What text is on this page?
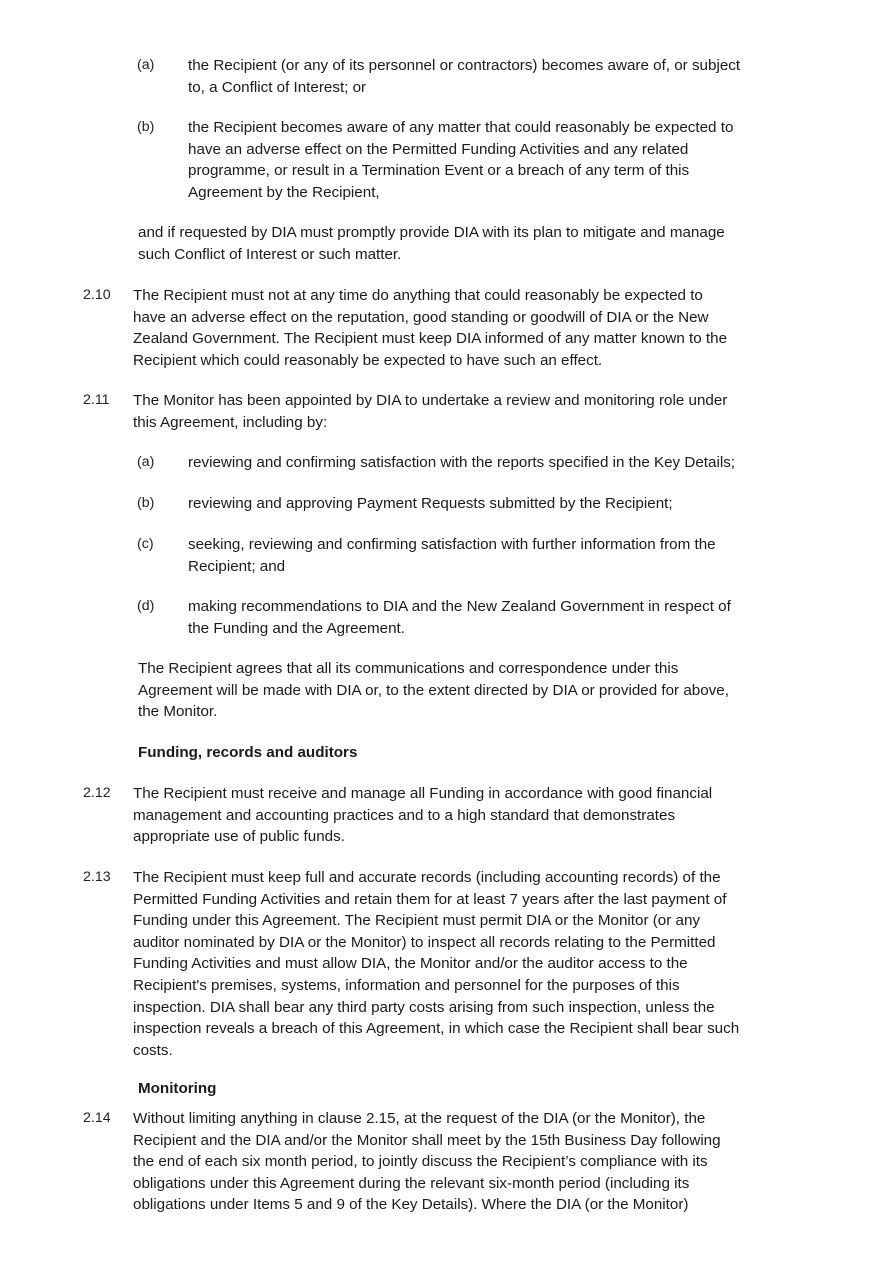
(a) the Recipient (or any of its personnel or contractors) becomes aware of, or subject
to, a Conflict of Interest; or
(b) the Recipient becomes aware of any matter that could reasonably be expected to
have an adverse effect on the Permitted Funding Activities and any related
programme, or result in a Termination Event or a breach of any term of this
Agreement by the Recipient,
and if requested by DIA must promptly provide DIA with its plan to mitigate and manage
such Conflict of Interest or such matter.
2.10 The Recipient must not at any time do anything that could reasonably be expected to
have an adverse effect on the reputation, good standing or goodwill of DIA or the New
Zealand Government. The Recipient must keep DIA informed of any matter known to the
Recipient which could reasonably be expected to have such an effect.
2.11 The Monitor has been appointed by DIA to undertake a review and monitoring role under
this Agreement, including by:
(a) reviewing and confirming satisfaction with the reports specified in the Key Details;
(b) reviewing and approving Payment Requests submitted by the Recipient;
(c) seeking, reviewing and confirming satisfaction with further information from the
Recipient; and
(d) making recommendations to DIA and the New Zealand Government in respect of
the Funding and the Agreement.
The Recipient agrees that all its communications and correspondence under this
Agreement will be made with DIA or, to the extent directed by DIA or provided for above,
the Monitor.
Funding, records and auditors
2.12 The Recipient must receive and manage all Funding in accordance with good financial
management and accounting practices and to a high standard that demonstrates
appropriate use of public funds.
2.13 The Recipient must keep full and accurate records (including accounting records) of the
Permitted Funding Activities and retain them for at least 7 years after the last payment of
Funding under this Agreement. The Recipient must permit DIA or the Monitor (or any
auditor nominated by DIA or the Monitor) to inspect all records relating to the Permitted
Funding Activities and must allow DIA, the Monitor and/or the auditor access to the
Recipient's premises, systems, information and personnel for the purposes of this
inspection. DIA shall bear any third party costs arising from such inspection, unless the
inspection reveals a breach of this Agreement, in which case the Recipient shall bear such
costs.
Monitoring
2.14 Without limiting anything in clause 2.15, at the request of the DIA (or the Monitor), the
Recipient and the DIA and/or the Monitor shall meet by the 15th Business Day following
the end of each six month period, to jointly discuss the Recipient’s compliance with its
obligations under this Agreement during the relevant six-month period (including its
obligations under Items 5 and 9 of the Key Details). Where the DIA (or the Monitor)
